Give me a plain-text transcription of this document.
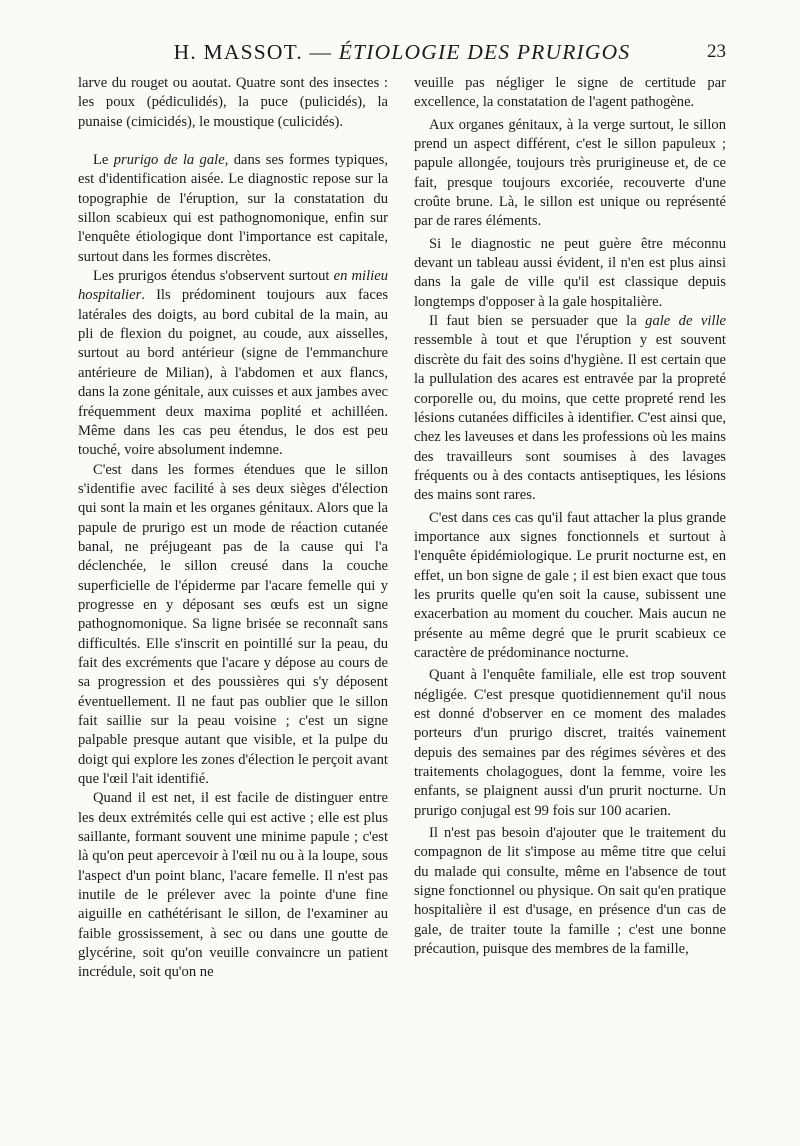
H. MASSOT. — ÉTIOLOGIE DES PRURIGOS	23

larve du rouget ou aoutat. Quatre sont des insectes : les poux (pédiculidés), la puce (pulicidés), la punaise (cimicidés), le moustique (culicidés).

Le prurigo de la gale, dans ses formes typiques, est d'identification aisée. Le diagnostic repose sur la topographie de l'éruption, sur la constatation du sillon scabieux qui est pathognomonique, enfin sur l'enquête étiologique dont l'importance est capitale, surtout dans les formes discrètes.

Les prurigos étendus s'observent surtout en milieu hospitalier. Ils prédominent toujours aux faces latérales des doigts, au bord cubital de la main, au pli de flexion du poignet, au coude, aux aisselles, surtout au bord antérieur (signe de l'emmanchure antérieure de Milian), à l'abdomen et aux flancs, dans la zone génitale, aux cuisses et aux jambes avec fréquemment deux maxima poplité et achilléen. Même dans les cas peu étendus, le dos est peu touché, voire absolument indemne.

C'est dans les formes étendues que le sillon s'identifie avec facilité à ses deux sièges d'élection qui sont la main et les organes génitaux. Alors que la papule de prurigo est un mode de réaction cutanée banal, ne préjugeant pas de la cause qui l'a déclenchée, le sillon creusé dans la couche superficielle de l'épiderme par l'acare femelle qui y progresse en y déposant ses œufs est un signe pathognomonique. Sa ligne brisée se reconnaît sans difficultés. Elle s'inscrit en pointillé sur la peau, du fait des excréments que l'acare y dépose au cours de sa progression et des poussières qui s'y déposent éventuellement. Il ne faut pas oublier que le sillon fait saillie sur la peau voisine ; c'est un signe palpable presque autant que visible, et la pulpe du doigt qui explore les zones d'élection le perçoit avant que l'œil l'ait identifié.

Quand il est net, il est facile de distinguer entre les deux extrémités celle qui est active ; elle est plus saillante, formant souvent une minime papule ; c'est là qu'on peut apercevoir à l'œil nu ou à la loupe, sous l'aspect d'un point blanc, l'acare femelle. Il n'est pas inutile de le prélever avec la pointe d'une fine aiguille en cathétérisant le sillon, de l'examiner au faible grossissement, à sec ou dans une goutte de glycérine, soit qu'on veuille convaincre un patient incrédule, soit qu'on ne

veuille pas négliger le signe de certitude par excellence, la constatation de l'agent pathogène.

Aux organes génitaux, à la verge surtout, le sillon prend un aspect différent, c'est le sillon papuleux ; papule allongée, toujours très prurigineuse et, de ce fait, presque toujours excoriée, recouverte d'une croûte brune. Là, le sillon est unique ou représenté par de rares éléments.

Si le diagnostic ne peut guère être méconnu devant un tableau aussi évident, il n'en est plus ainsi dans la gale de ville qu'il est classique depuis longtemps d'opposer à la gale hospitalière.

Il faut bien se persuader que la gale de ville ressemble à tout et que l'éruption y est souvent discrète du fait des soins d'hygiène. Il est certain que la pullulation des acares est entravée par la propreté corporelle ou, du moins, que cette propreté rend les lésions cutanées difficiles à identifier. C'est ainsi que, chez les laveuses et dans les professions où les mains des travailleurs sont soumises à des lavages fréquents ou à des contacts antiseptiques, les lésions des mains sont rares.

C'est dans ces cas qu'il faut attacher la plus grande importance aux signes fonctionnels et surtout à l'enquête épidémiologique. Le prurit nocturne est, en effet, un bon signe de gale ; il est bien exact que tous les prurits quelle qu'en soit la cause, subissent une exacerbation au moment du coucher. Mais aucun ne présente au même degré que le prurit scabieux ce caractère de prédominance nocturne.

Quant à l'enquête familiale, elle est trop souvent négligée. C'est presque quotidiennement qu'il nous est donné d'observer en ce moment des malades porteurs d'un prurigo discret, traités vainement depuis des semaines par des régimes sévères et des traitements cholagogues, dont la femme, voire les enfants, se plaignent aussi d'un prurit nocturne. Un prurigo conjugal est 99 fois sur 100 acarien.

Il n'est pas besoin d'ajouter que le traitement du compagnon de lit s'impose au même titre que celui du malade qui consulte, même en l'absence de tout signe fonctionnel ou physique. On sait qu'en pratique hospitalière il est d'usage, en présence d'un cas de gale, de traiter toute la famille ; c'est une bonne précaution, puisque des membres de la famille,
